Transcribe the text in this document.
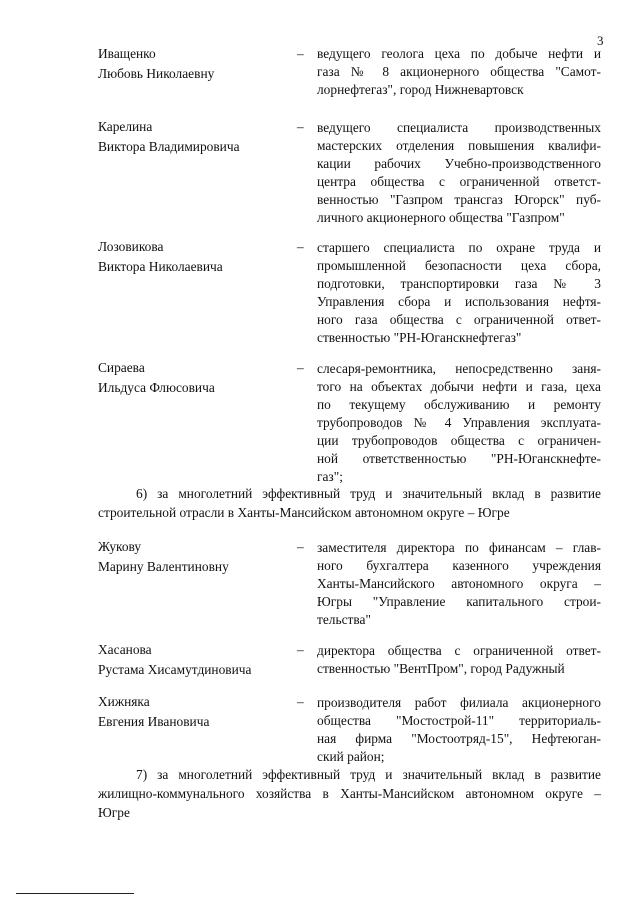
3
Иващенко
Любовь Николаевну
– ведущего геолога цеха по добыче нефти и
газа № 8 акционерного общества "Самот-
лорнефтегаз", город Нижневартовск
Карелина
Виктора Владимировича
– ведущего специалиста производственных
мастерских отделения повышения квалифи-
кации рабочих Учебно-производственного
центра общества с ограниченной ответст-
венностью "Газпром трансгаз Югорск" пуб-
личного акционерного общества "Газпром"
Лозовикова
Виктора Николаевича
– старшего специалиста по охране труда и
промышленной безопасности цеха сбора,
подготовки, транспортировки газа № 3
Управления сбора и использования нефтя-
ного газа общества с ограниченной ответ-
ственностью "РН-Юганскнефтегаз"
Сираева
Ильдуса Флюсовича
– слесаря-ремонтника, непосредственно заня-
того на объектах добычи нефти и газа, цеха
по текущему обслуживанию и ремонту
трубопроводов № 4 Управления эксплуата-
ции трубопроводов общества с ограничен-
ной ответственностью "РН-Юганскнефте-
газ";
6) за многолетний эффективный труд и значительный вклад в развитие
строительной отрасли в Ханты-Мансийском автономном округе – Югре
Жукову
Марину Валентиновну
– заместителя директора по финансам – глав-
ного бухгалтера казенного учреждения
Ханты-Мансийского автономного округа –
Югры "Управление капитального строи-
тельства"
Хасанова
Рустама Хисамутдиновича
– директора общества с ограниченной ответ-
ственностью "ВентПром", город Радужный
Хижняка
Евгения Ивановича
– производителя работ филиала акционерного
общества "Мостострой-11" территориаль-
ная фирма "Мостоотряд-15", Нефтеюган-
ский район;
7) за многолетний эффективный труд и значительный вклад в развитие
жилищно-коммунального хозяйства в Ханты-Мансийском автономном округе –
Югре
